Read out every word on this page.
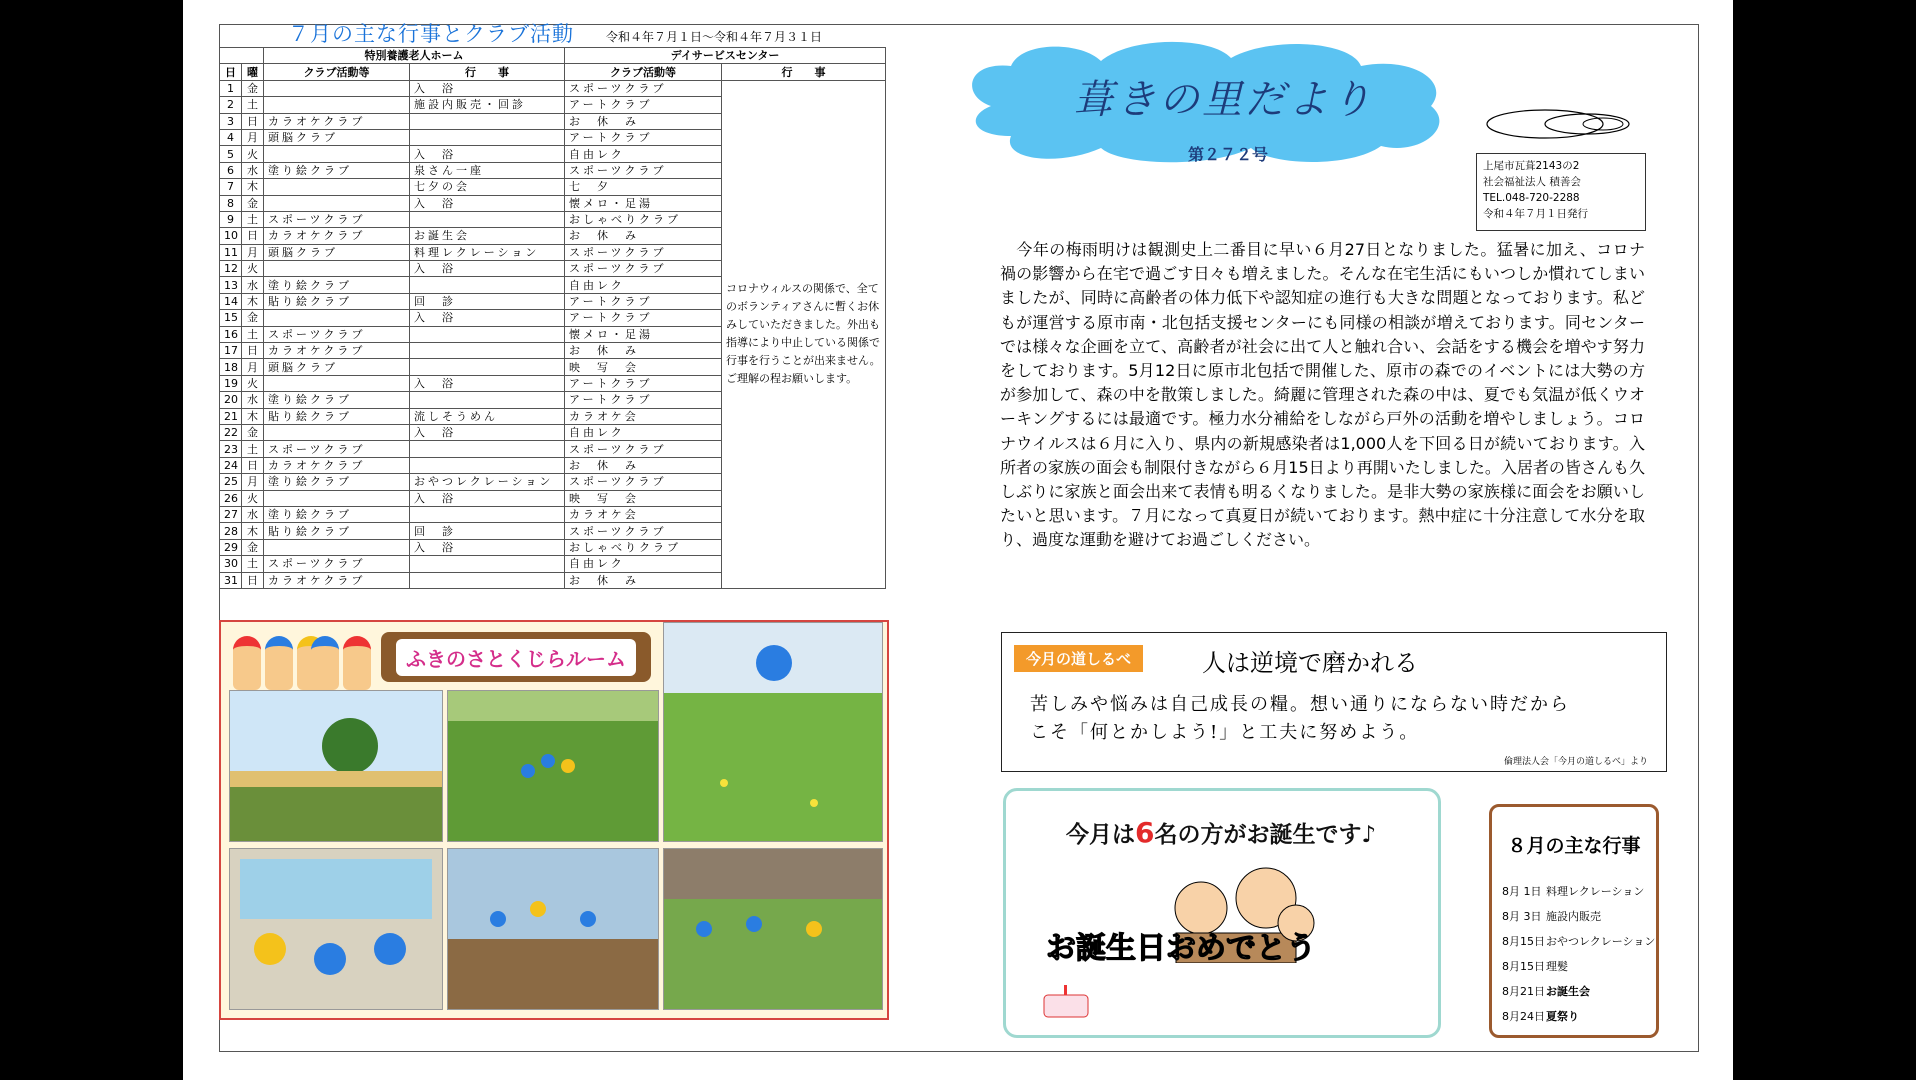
７月の主な行事とクラブ活動	令和４年７月１日～令和４年７月３１日
		特別養護老人ホーム		デイサービスセンター	
日	曜	クラブ活動等	行　　事	クラブ活動等	行　　事
1	金		入　浴	スポーツクラブ	コロナウィルスの関係で、全てのボランティアさんに暫くお休みしていただきました。外出も指導により中止している関係で行事を行うことが出来ません。ご理解の程お願いします。
2	土		施設内販売・回診	アートクラブ	
3	日	カラオケクラブ		お　休　み	
4	月	頭脳クラブ		アートクラブ	
5	火		入　浴	自由レク	
6	水	塗り絵クラブ	泉さん一座	スポーツクラブ	
7	木		七夕の会	七　夕	
8	金		入　浴	懐メロ・足湯	
9	土	スポーツクラブ		おしゃべりクラブ	
10	日	カラオケクラブ	お誕生会	お　休　み	
11	月	頭脳クラブ	料理レクレーション	スポーツクラブ	
12	火		入　浴	スポーツクラブ	
13	水	塗り絵クラブ		自由レク	
14	木	貼り絵クラブ	回　診	アートクラブ	
15	金		入　浴	アートクラブ	
16	土	スポーツクラブ		懐メロ・足湯	
17	日	カラオケクラブ		お　休　み	
18	月	頭脳クラブ		映　写　会	
19	火		入　浴	アートクラブ	
20	水	塗り絵クラブ		アートクラブ	
21	木	貼り絵クラブ	流しそうめん	カラオケ会	
22	金		入　浴	自由レク	
23	土	スポーツクラブ		スポーツクラブ	
24	日	カラオケクラブ		お　休　み	
25	月	塗り絵クラブ	おやつレクレーション	スポーツクラブ	
26	火		入　浴	映　写　会	
27	水	塗り絵クラブ		カラオケ会	
28	木	貼り絵クラブ	回　診	スポーツクラブ	
29	金		入　浴	おしゃべりクラブ	
30	土	スポーツクラブ		自由レク	
31	日	カラオケクラブ		お　休　み	
ふきのさとくじらルーム
葺きの里だより
第２７２号
上尾市瓦葺2143の2
社会福祉法人 積善会
TEL.048-720-2288
令和４年７月１日発行
　今年の梅雨明けは観測史上二番目に早い６月27日となりました。猛暑に加え、コロナ禍の影響から在宅で過ごす日々も増えました。そんな在宅生活にもいつしか慣れてしまいましたが、同時に高齢者の体力低下や認知症の進行も大きな問題となっております。私どもが運営する原市南・北包括支援センターにも同様の相談が増えております。同センターでは様々な企画を立て、高齢者が社会に出て人と触れ合い、会話をする機会を増やす努力をしております。5月12日に原市北包括で開催した、原市の森でのイベントには大勢の方が参加して、森の中を散策しました。綺麗に管理された森の中は、夏でも気温が低くウオーキングするには最適です。極力水分補給をしながら戸外の活動を増やしましょう。コロナウイルスは６月に入り、県内の新規感染者は1,000人を下回る日が続いております。入所者の家族の面会も制限付きながら６月15日より再開いたしました。入居者の皆さんも久しぶりに家族と面会出来て表情も明るくなりました。是非大勢の家族様に面会をお願いしたいと思います。７月になって真夏日が続いております。熱中症に十分注意して水分を取り、過度な運動を避けてお過ごしください。
今月の道しるべ	人は逆境で磨かれる
苦しみや悩みは自己成長の糧。想い通りにならない時だから
こそ「何とかしよう!」と工夫に努めよう。
倫理法人会「今月の道しるべ」より
今月は6名の方がお誕生です♪
お誕生日おめでとう
８月の主な行事
8月 1日 料理レクレーション
8月 3日 施設内販売
8月15日おやつレクレーション
8月15日理髪
8月21日お誕生会
8月24日夏祭り
